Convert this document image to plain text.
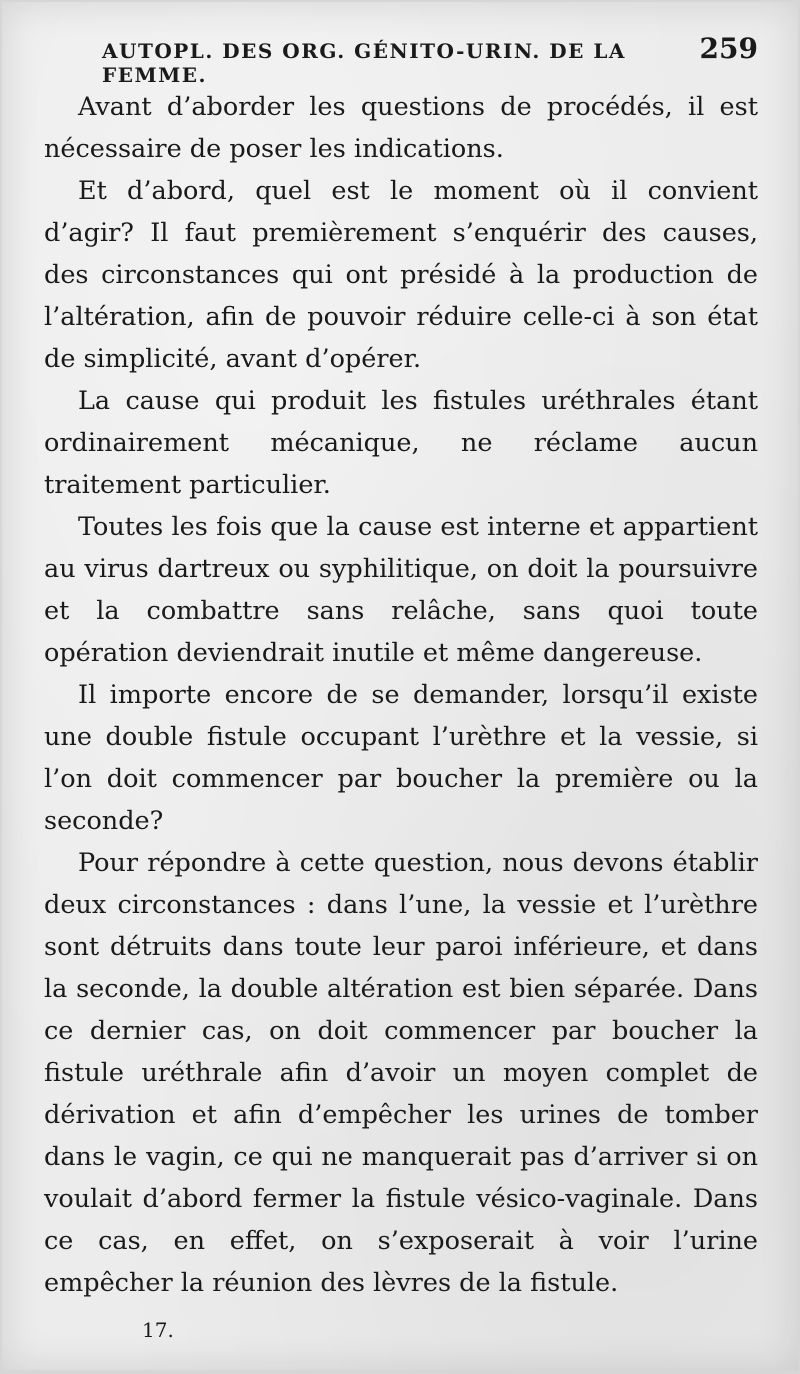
AUTOPL. DES ORG. GÉNITO-URIN. DE LA FEMME.
259

Avant d’aborder les questions de procédés, il est nécessaire de poser les indications.

Et d’abord, quel est le moment où il convient d’agir? Il faut premièrement s’enquérir des causes, des circonstances qui ont présidé à la production de l’altération, afin de pouvoir réduire celle-ci à son état de simplicité, avant d’opérer.

La cause qui produit les fistules uréthrales étant ordinairement mécanique, ne réclame aucun traitement particulier.

Toutes les fois que la cause est interne et appartient au virus dartreux ou syphilitique, on doit la poursuivre et la combattre sans relâche, sans quoi toute opération deviendrait inutile et même dangereuse.

Il importe encore de se demander, lorsqu’il existe une double fistule occupant l’urèthre et la vessie, si l’on doit commencer par boucher la première ou la seconde?

Pour répondre à cette question, nous devons établir deux circonstances : dans l’une, la vessie et l’urèthre sont détruits dans toute leur paroi inférieure, et dans la seconde, la double altération est bien séparée. Dans ce dernier cas, on doit commencer par boucher la fistule uréthrale afin d’avoir un moyen complet de dérivation et afin d’empêcher les urines de tomber dans le vagin, ce qui ne manquerait pas d’arriver si on voulait d’abord fermer la fistule vésico-vaginale. Dans ce cas, en effet, on s’exposerait à voir l’urine empêcher la réunion des lèvres de la fistule.

17.
